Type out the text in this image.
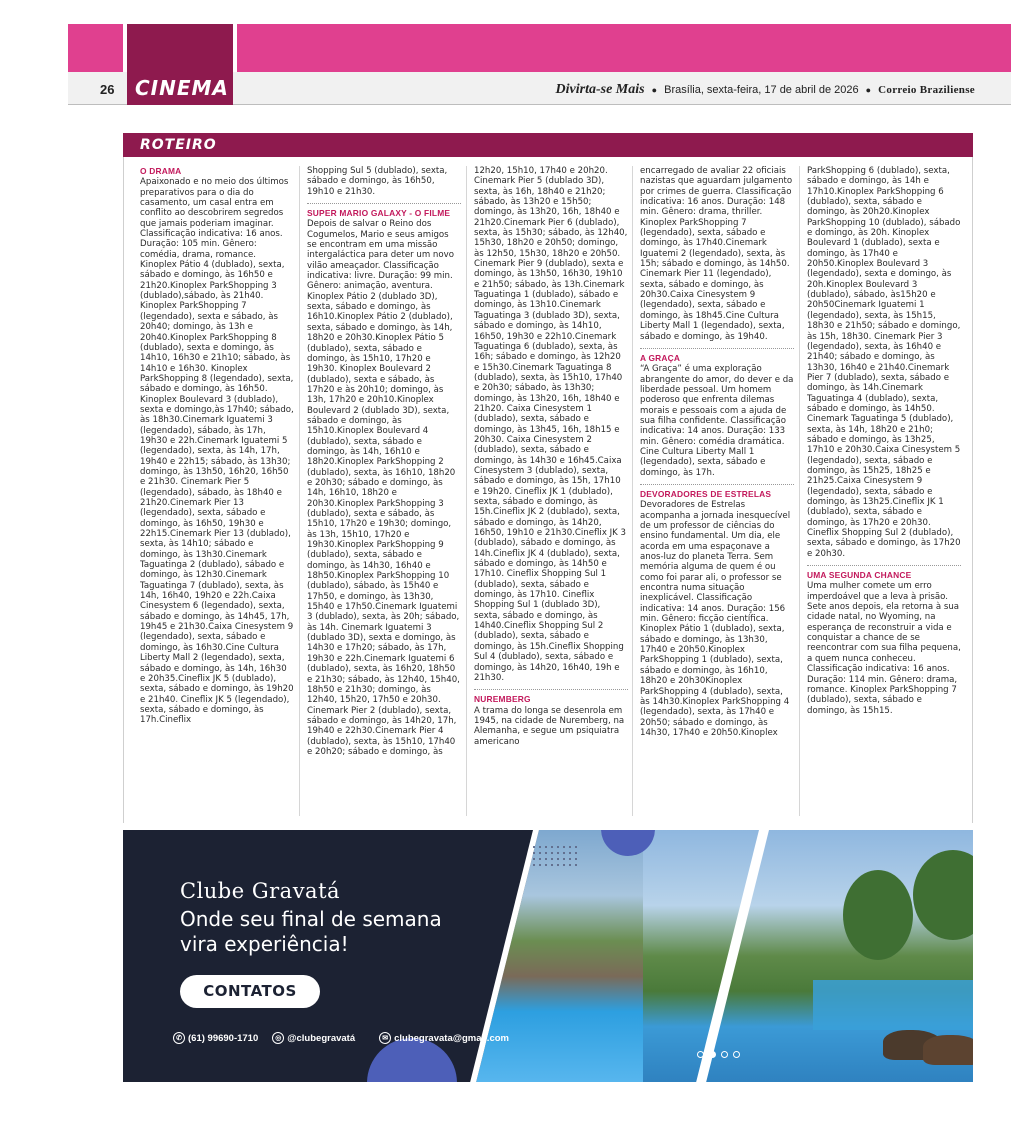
CINEMA
26	Divirta-se Mais ● Brasília, sexta-feira, 17 de abril de 2026 ● Correio Braziliense
ROTEIRO
O DRAMA

Apaixonado e no meio dos últimos preparativos para o dia do casamento, um casal entra em conflito ao descobrirem segredos que jamais poderiam imaginar. Classificação indicativa: 16 anos. Duração: 105 min. Gênero: comédia, drama, romance. Kinoplex Pátio 4 (dublado), sexta, sábado e domingo, às 16h50 e 21h20.Kinoplex ParkShopping 3 (dublado),sábado, às 21h40. Kinoplex ParkShopping 7 (legendado), sexta e sábado, às 20h40; domingo, às 13h e 20h40.Kinoplex ParkShopping 8 (dublado), sexta e domingo, às 14h10, 16h30 e 21h10; sábado, às 14h10 e 16h30. Kinoplex ParkShopping 8 (legendado), sexta, sábado e domingo, às 16h50. Kinoplex Boulevard 3 (dublado), sexta e domingo,às 17h40; sábado, às 18h30.Cinemark Iguatemi 3 (legendado), sábado, às 17h, 19h30 e 22h.Cinemark Iguatemi 5 (legendado), sexta, às 14h, 17h, 19h40 e 22h15; sábado, às 13h30; domingo, às 13h50, 16h20, 16h50 e 21h30. Cinemark Pier 5 (legendado), sábado, às 18h40 e 21h20.Cinemark Pier 13 (legendado), sexta, sábado e domingo, às 16h50, 19h30 e 22h15.Cinemark Pier 13 (dublado), sexta, às 14h10; sábado e domingo, às 13h30.Cinemark Taguatinga 2 (dublado), sábado e domingo, às 12h30.Cinemark Taguatinga 7 (dublado), sexta, às 14h, 16h40, 19h20 e 22h.Caixa Cinesystem 6 (legendado), sexta, sábado e domingo, às 14h45, 17h, 19h45 e 21h30.Caixa Cinesystem 9 (legendado), sexta, sábado e domingo, às 16h30.Cine Cultura Liberty Mall 2 (legendado), sexta, sábado e domingo, às 14h, 16h30 e 20h35.Cineflix JK 5 (dublado), sexta, sábado e domingo, às 19h20 e 21h40. Cineflix JK 5 (legendado), sexta, sábado e domingo, às 17h.Cineflix

Shopping Sul 5 (dublado), sexta, sábado e domingo, às 16h50, 19h10 e 21h30.

SUPER MARIO GALAXY - O FILME

Depois de salvar o Reino dos Cogumelos, Mario e seus amigos se encontram em uma missão intergaláctica para deter um novo vilão ameaçador. Classificação indicativa: livre. Duração: 99 min. Gênero: animação, aventura. Kinoplex Pátio 2 (dublado 3D), sexta, sábado e domingo, às 16h10.Kinoplex Pátio 2 (dublado), sexta, sábado e domingo, às 14h, 18h20 e 20h30.Kinoplex Pátio 5 (dublado), sexta, sábado e domingo, às 15h10, 17h20 e 19h30. Kinoplex Boulevard 2 (dublado), sexta e sábado, às 17h20 e às 20h10; domingo, às 13h, 17h20 e 20h10.Kinoplex Boulevard 2 (dublado 3D), sexta, sábado e domingo, às 15h10.Kinoplex Boulevard 4 (dublado), sexta, sábado e domingo, às 14h, 16h10 e 18h20.Kinoplex ParkShopping 2 (dublado), sexta, às 16h10, 18h20 e 20h30; sábado e domingo, às 14h, 16h10, 18h20 e 20h30.Kinoplex ParkShopping 3 (dublado), sexta e sábado, às 15h10, 17h20 e 19h30; domingo, às 13h, 15h10, 17h20 e 19h30.Kinoplex ParkShopping 9 (dublado), sexta, sábado e domingo, às 14h30, 16h40 e 18h50.Kinoplex ParkShopping 10 (dublado), sábado, às 15h40 e 17h50, e domingo, às 13h30, 15h40 e 17h50.Cinemark Iguatemi 3 (dublado), sexta, às 20h; sábado, às 14h. Cinemark Iguatemi 3 (dublado 3D), sexta e domingo, às 14h30 e 17h20; sábado, às 17h, 19h30 e 22h.Cinemark Iguatemi 6 (dublado), sexta, às 16h20, 18h50 e 21h30; sábado, às 12h40, 15h40, 18h50 e 21h30; domingo, às 12h40, 15h20, 17h50 e 20h30. Cinemark Pier 2 (dublado), sexta, sábado e domingo, às 14h20, 17h, 19h40 e 22h30.Cinemark Pier 4 (dublado), sexta, às 15h10, 17h40 e 20h20; sábado e domingo, às

12h20, 15h10, 17h40 e 20h20. Cinemark Pier 5 (dublado 3D), sexta, às 16h, 18h40 e 21h20; sábado, às 13h20 e 15h50; domingo, às 13h20, 16h, 18h40 e 21h20.Cinemark Pier 6 (dublado), sexta, às 15h30; sábado, às 12h40, 15h30, 18h20 e 20h50; domingo, às 12h50, 15h30, 18h20 e 20h50. Cinemark Pier 9 (dublado), sexta e domingo, às 13h50, 16h30, 19h10 e 21h50; sábado, às 13h.Cinemark Taguatinga 1 (dublado), sábado e domingo, às 13h10.Cinemark Taguatinga 3 (dublado 3D), sexta, sábado e domingo, às 14h10, 16h50, 19h30 e 22h10.Cinemark Taguatinga 6 (dublado), sexta, às 16h; sábado e domingo, às 12h20 e 15h30.Cinemark Taguatinga 8 (dublado), sexta, às 15h10, 17h40 e 20h30; sábado, às 13h30; domingo, às 13h20, 16h, 18h40 e 21h20. Caixa Cinesystem 1 (dublado), sexta, sábado e domingo, às 13h45, 16h, 18h15 e 20h30. Caixa Cinesystem 2 (dublado), sexta, sábado e domingo, às 14h30 e 16h45.Caixa Cinesystem 3 (dublado), sexta, sábado e domingo, às 15h, 17h10 e 19h20. Cineflix JK 1 (dublado), sexta, sábado e domingo, às 15h.Cineflix JK 2 (dublado), sexta, sábado e domingo, às 14h20, 16h50, 19h10 e 21h30.Cineflix JK 3 (dublado), sábado e domingo, às 14h.Cineflix JK 4 (dublado), sexta, sábado e domingo, às 14h50 e 17h10. Cineflix Shopping Sul 1 (dublado), sexta, sábado e domingo, às 17h10. Cineflix Shopping Sul 1 (dublado 3D), sexta, sábado e domingo, às 14h40.Cineflix Shopping Sul 2 (dublado), sexta, sábado e domingo, às 15h.Cineflix Shopping Sul 4 (dublado), sexta, sábado e domingo, às 14h20, 16h40, 19h e 21h30.

NUREMBERG

A trama do longa se desenrola em 1945, na cidade de Nuremberg, na Alemanha, e segue um psiquiatra americano

encarregado de avaliar 22 oficiais nazistas que aguardam julgamento por crimes de guerra. Classificação indicativa: 16 anos. Duração: 148 min. Gênero: drama, thriller. Kinoplex ParkShopping 7 (legendado), sexta, sábado e domingo, às 17h40.Cinemark Iguatemi 2 (legendado), sexta, às 15h; sábado e domingo, às 14h50. Cinemark Pier 11 (legendado), sexta, sábado e domingo, às 20h30.Caixa Cinesystem 9 (legendado), sexta, sábado e domingo, às 18h45.Cine Cultura Liberty Mall 1 (legendado), sexta, sábado e domingo, às 19h40.

A GRAÇA

“A Graça” é uma exploração abrangente do amor, do dever e da liberdade pessoal. Um homem poderoso que enfrenta dilemas morais e pessoais com a ajuda de sua filha confidente. Classificação indicativa: 14 anos. Duração: 133 min. Gênero: comédia dramática. Cine Cultura Liberty Mall 1 (legendado), sexta, sábado e domingo, às 17h.

DEVORADORES DE ESTRELAS

Devoradores de Estrelas acompanha a jornada inesquecível de um professor de ciências do ensino fundamental. Um dia, ele acorda em uma espaçonave a anos-luz do planeta Terra. Sem memória alguma de quem é ou como foi parar ali, o professor se encontra numa situação inexplicável. Classificação indicativa: 14 anos. Duração: 156 min. Gênero: ficção científica. Kinoplex Pátio 1 (dublado), sexta, sábado e domingo, às 13h30, 17h40 e 20h50.Kinoplex ParkShopping 1 (dublado), sexta, sábado e domingo, às 16h10, 18h20 e 20h30Kinoplex ParkShopping 4 (dublado), sexta, às 14h30.Kinoplex ParkShopping 4 (legendado), sexta, às 17h40 e 20h50; sábado e domingo, às 14h30, 17h40 e 20h50.Kinoplex

ParkShopping 6 (dublado), sexta, sábado e domingo, às 14h e 17h10.Kinoplex ParkShopping 6 (dublado), sexta, sábado e domingo, às 20h20.Kinoplex ParkShopping 10 (dublado), sábado e domingo, às 20h. Kinoplex Boulevard 1 (dublado), sexta e domingo, às 17h40 e 20h50.Kinoplex Boulevard 3 (legendado), sexta e domingo, às 20h.Kinoplex Boulevard 3 (dublado), sábado, às15h20 e 20h50Cinemark Iguatemi 1 (legendado), sexta, às 15h15, 18h30 e 21h50; sábado e domingo, às 15h, 18h30. Cinemark Pier 3 (legendado), sexta, às 16h40 e 21h40; sábado e domingo, às 13h30, 16h40 e 21h40.Cinemark Pier 7 (dublado), sexta, sábado e domingo, às 14h.Cinemark Taguatinga 4 (dublado), sexta, sábado e domingo, às 14h50. Cinemark Taguatinga 5 (dublado), sexta, às 14h, 18h20 e 21h0; sábado e domingo, às 13h25, 17h10 e 20h30.Caixa Cinesystem 5 (legendado), sexta, sábado e domingo, às 15h25, 18h25 e 21h25.Caixa Cinesystem 9 (legendado), sexta, sábado e domingo, às 13h25.Cineflix JK 1 (dublado), sexta, sábado e domingo, às 17h20 e 20h30. Cineflix Shopping Sul 2 (dublado), sexta, sábado e domingo, às 17h20 e 20h30.

UMA SEGUNDA CHANCE

Uma mulher comete um erro imperdoável que a leva à prisão. Sete anos depois, ela retorna à sua cidade natal, no Wyoming, na esperança de reconstruir a vida e conquistar a chance de se reencontrar com sua filha pequena, a quem nunca conheceu. Classificação indicativa: 16 anos. Duração: 114 min. Gênero: drama, romance. Kinoplex ParkShopping 7 (dublado), sexta, sábado e domingo, às 15h15.

Clube Gravatá
Onde seu final de semana vira experiência!
CONTATOS
✆ (61) 99690-1710	◎ @clubegravatá	✉ clubegravata@gmail.com
